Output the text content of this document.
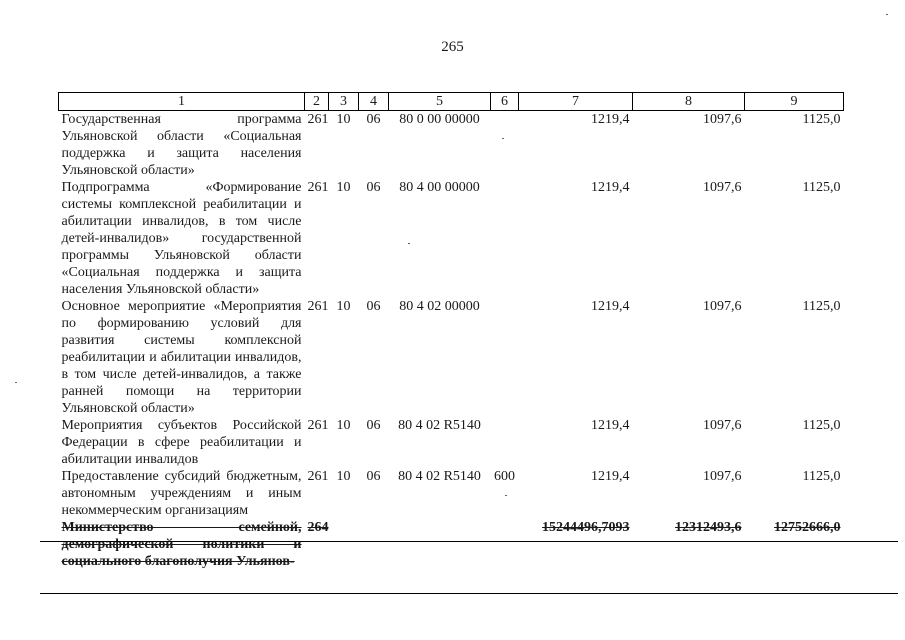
265
1	2	3	4	5	6	7	8	9
Государственная программа Ульяновской области «Социальная поддержка и защита населения Ульяновской области»	261	10	06	80 0 00 00000		1219,4	1097,6	1125,0
Подпрограмма «Формирование системы комплексной реабилитации и абилитации инвалидов, в том числе детей-инвалидов» государственной программы Ульяновской области «Социальная поддержка и защита населения Ульяновской области»	261	10	06	80 4 00 00000		1219,4	1097,6	1125,0
Основное мероприятие «Мероприятия по формированию условий для развития системы комплексной реабилитации и абилитации инвалидов, в том числе детей-инвалидов, а также ранней помощи на территории Ульяновской области»	261	10	06	80 4 02 00000		1219,4	1097,6	1125,0
Мероприятия субъектов Российской Федерации в сфере реабилитации и абилитации инвалидов	261	10	06	80 4 02 R5140		1219,4	1097,6	1125,0
Предоставление субсидий бюджетным, автономным учреждениям и иным некоммерческим организациям	261	10	06	80 4 02 R5140	600	1219,4	1097,6	1125,0
Министерство семейной, демографической политики и социального благополучия Ульянов-	264					15244496,7093	12312493,6	12752666,0
